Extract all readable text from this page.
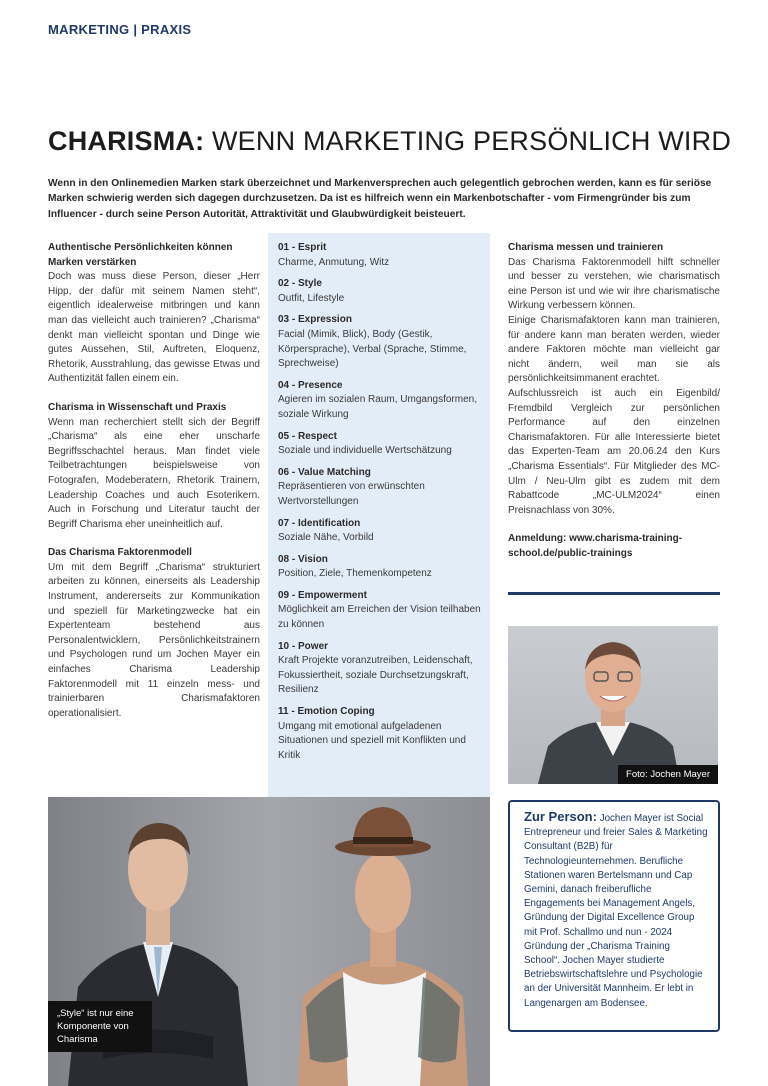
MARKETING | PRAXIS
CHARISMA: WENN MARKETING PERSÖNLICH WIRD
Wenn in den Onlinemedien Marken stark überzeichnet und Markenversprechen auch gelegentlich gebrochen werden, kann es für seriöse Marken schwierig werden sich dagegen durchzusetzen. Da ist es hilfreich wenn ein Markenbotschafter - vom Firmengründer bis zum Influencer - durch seine Person Autorität, Attraktivität und Glaubwürdigkeit beisteuert.

Authentische Persönlichkeiten können Marken verstärken

Doch was muss diese Person, dieser „Herr Hipp, der dafür mit seinem Namen steht“, eigentlich idealerweise mitbringen und kann man das vielleicht auch trainieren? „Charisma“ denkt man vielleicht spontan und Dinge wie gutes Aussehen, Stil, Auftreten, Eloquenz, Rhetorik, Ausstrahlung, das gewisse Etwas und Authentizität fallen einem ein.

Charisma in Wissenschaft und Praxis

Wenn man recherchiert stellt sich der Begriff „Charisma“ als eine eher unscharfe Begriffsschachtel heraus. Man findet viele Teilbetrachtungen beispielsweise von Fotografen, Modeberatern, Rhetorik Trainern, Leadership Coaches und auch Esoterikern. Auch in Forschung und Literatur taucht der Begriff Charisma eher uneinheitlich auf.

Das Charisma Faktorenmodell

Um mit dem Begriff „Charisma“ strukturiert arbeiten zu können, einerseits als Leadership Instrument, andererseits zur Kommunikation und speziell für Marketingzwecke hat ein Expertenteam bestehend aus Personalentwicklern, Persönlichkeitstrainern und Psychologen rund um Jochen Mayer ein einfaches Charisma Leadership Faktorenmodell mit 11 einzeln mess- und trainierbaren Charismafaktoren operationalisiert.

01 - Esprit
Charme, Anmutung, Witz
02 - Style
Outfit, Lifestyle
03 - Expression
Facial (Mimik, Blick), Body (Gestik, Körpersprache), Verbal (Sprache, Stimme, Sprechweise)
04 - Presence
Agieren im sozialen Raum, Umgangsformen, soziale Wirkung
05 - Respect
Soziale und individuelle Wertschätzung
06 - Value Matching
Repräsentieren von erwünschten Wertvorstellungen
07 - Identification
Soziale Nähe, Vorbild
08 - Vision
Position, Ziele, Themenkompetenz
09 - Empowerment
Möglichkeit am Erreichen der Vision teilhaben zu können
10 - Power
Kraft Projekte voranzutreiben, Leidenschaft, Fokussiertheit, soziale Durchsetzungskraft, Resilienz
11 - Emotion Coping
Umgang mit emotional aufgeladenen Situationen und speziell mit Konflikten und Kritik

Charisma messen und trainieren

Das Charisma Faktorenmodell hilft schneller und besser zu verstehen, wie charismatisch eine Person ist und wie wir ihre charismatische Wirkung verbessern können.

Einige Charismafaktoren kann man trainieren, für andere kann man beraten werden, wieder andere Faktoren möchte man vielleicht gar nicht ändern, weil man sie als persönlichkeitsimmanent erachtet.

Aufschlussreich ist auch ein Eigenbild/ Fremdbild Vergleich zur persönlichen Performance auf den einzelnen Charismafaktoren. Für alle Interessierte bietet das Experten-Team am 20.06.24 den Kurs „Charisma Essentials“. Für Mitglieder des MC-Ulm / Neu-Ulm gibt es zudem mit dem Rabattcode „MC-ULM2024“ einen Preisnachlass von 30%.

Anmeldung: www.charisma-training-school.de/public-trainings

Foto: Jochen Mayer
„Style“ ist nur eine Komponente von Charisma
Zur Person: Jochen Mayer ist Social Entrepreneur und freier Sales & Marketing Consultant (B2B) für Technologieunternehmen. Berufliche Stationen waren Bertelsmann und Cap Gemini, danach freiberufliche Engagements bei Management Angels, Gründung der Digital Excellence Group mit Prof. Schallmo und nun - 2024 Gründung der „Charisma Training School“. Jochen Mayer studierte Betriebswirtschaftslehre und Psychologie an der Universität Mannheim. Er lebt in Langenargen am Bodensee.
